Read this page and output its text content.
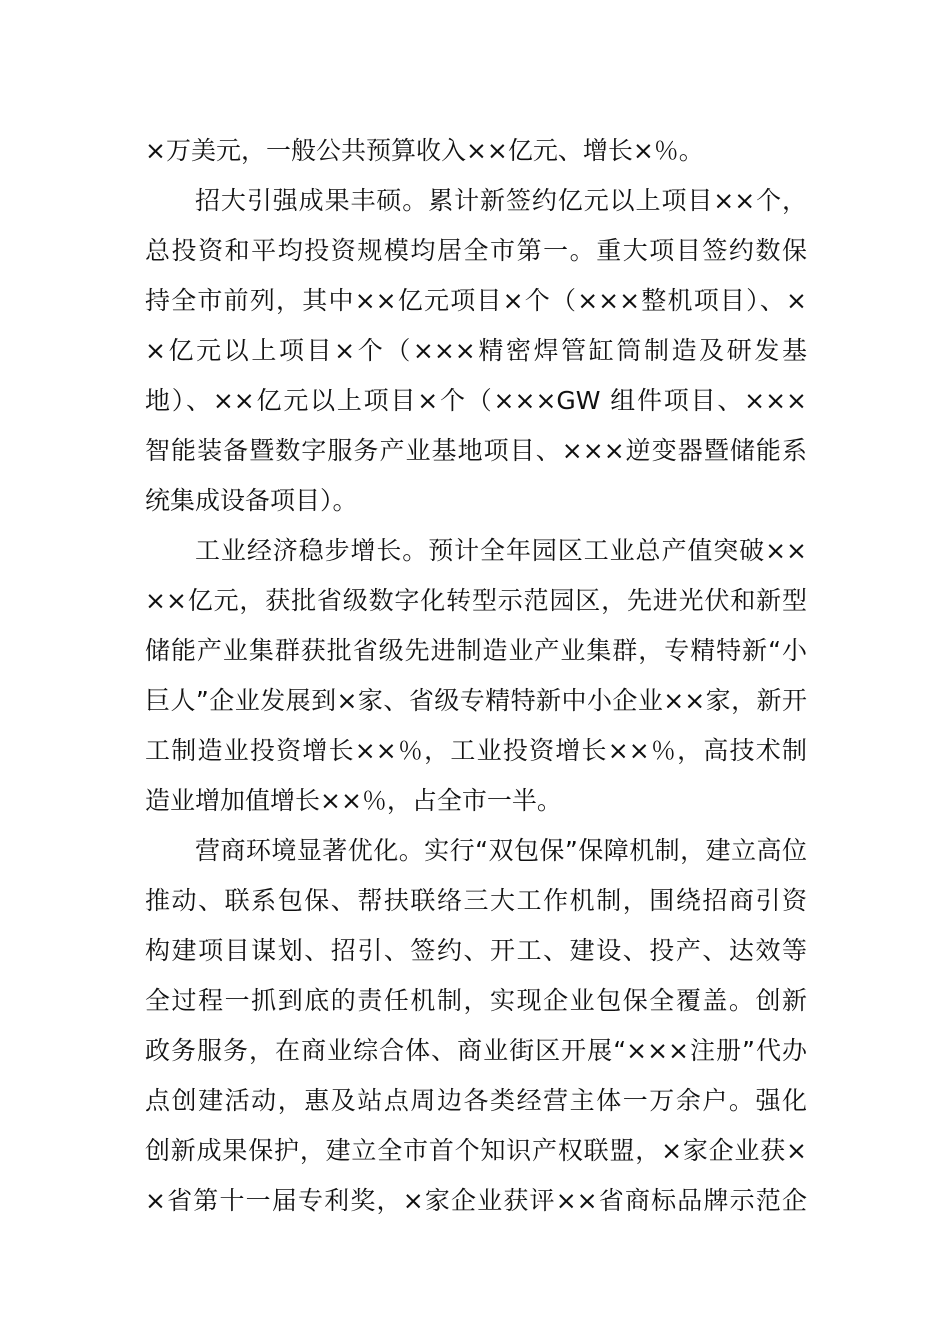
×万美元，一般公共预算收入××亿元、增长×％。
招大引强成果丰硕。累计新签约亿元以上项目××个，
总投资和平均投资规模均居全市第一。重大项目签约数保
持全市前列，其中××亿元项目×个（×××整机项目）、×
×亿元以上项目×个（×××精密焊管缸筒制造及研发基
地）、××亿元以上项目×个（×××GW 组件项目、×××
智能装备暨数字服务产业基地项目、×××逆变器暨储能系
统集成设备项目）。
工业经济稳步增长。预计全年园区工业总产值突破××
××亿元，获批省级数字化转型示范园区，先进光伏和新型
储能产业集群获批省级先进制造业产业集群，专精特新“小
巨人”企业发展到×家、省级专精特新中小企业××家，新开
工制造业投资增长××％，工业投资增长××％，高技术制
造业增加值增长××％，占全市一半。
营商环境显著优化。实行“双包保”保障机制，建立高位
推动、联系包保、帮扶联络三大工作机制，围绕招商引资
构建项目谋划、招引、签约、开工、建设、投产、达效等
全过程一抓到底的责任机制，实现企业包保全覆盖。创新
政务服务，在商业综合体、商业街区开展“×××注册”代办
点创建活动，惠及站点周边各类经营主体一万余户。强化
创新成果保护，建立全市首个知识产权联盟，×家企业获×
×省第十一届专利奖，×家企业获评××省商标品牌示范企
